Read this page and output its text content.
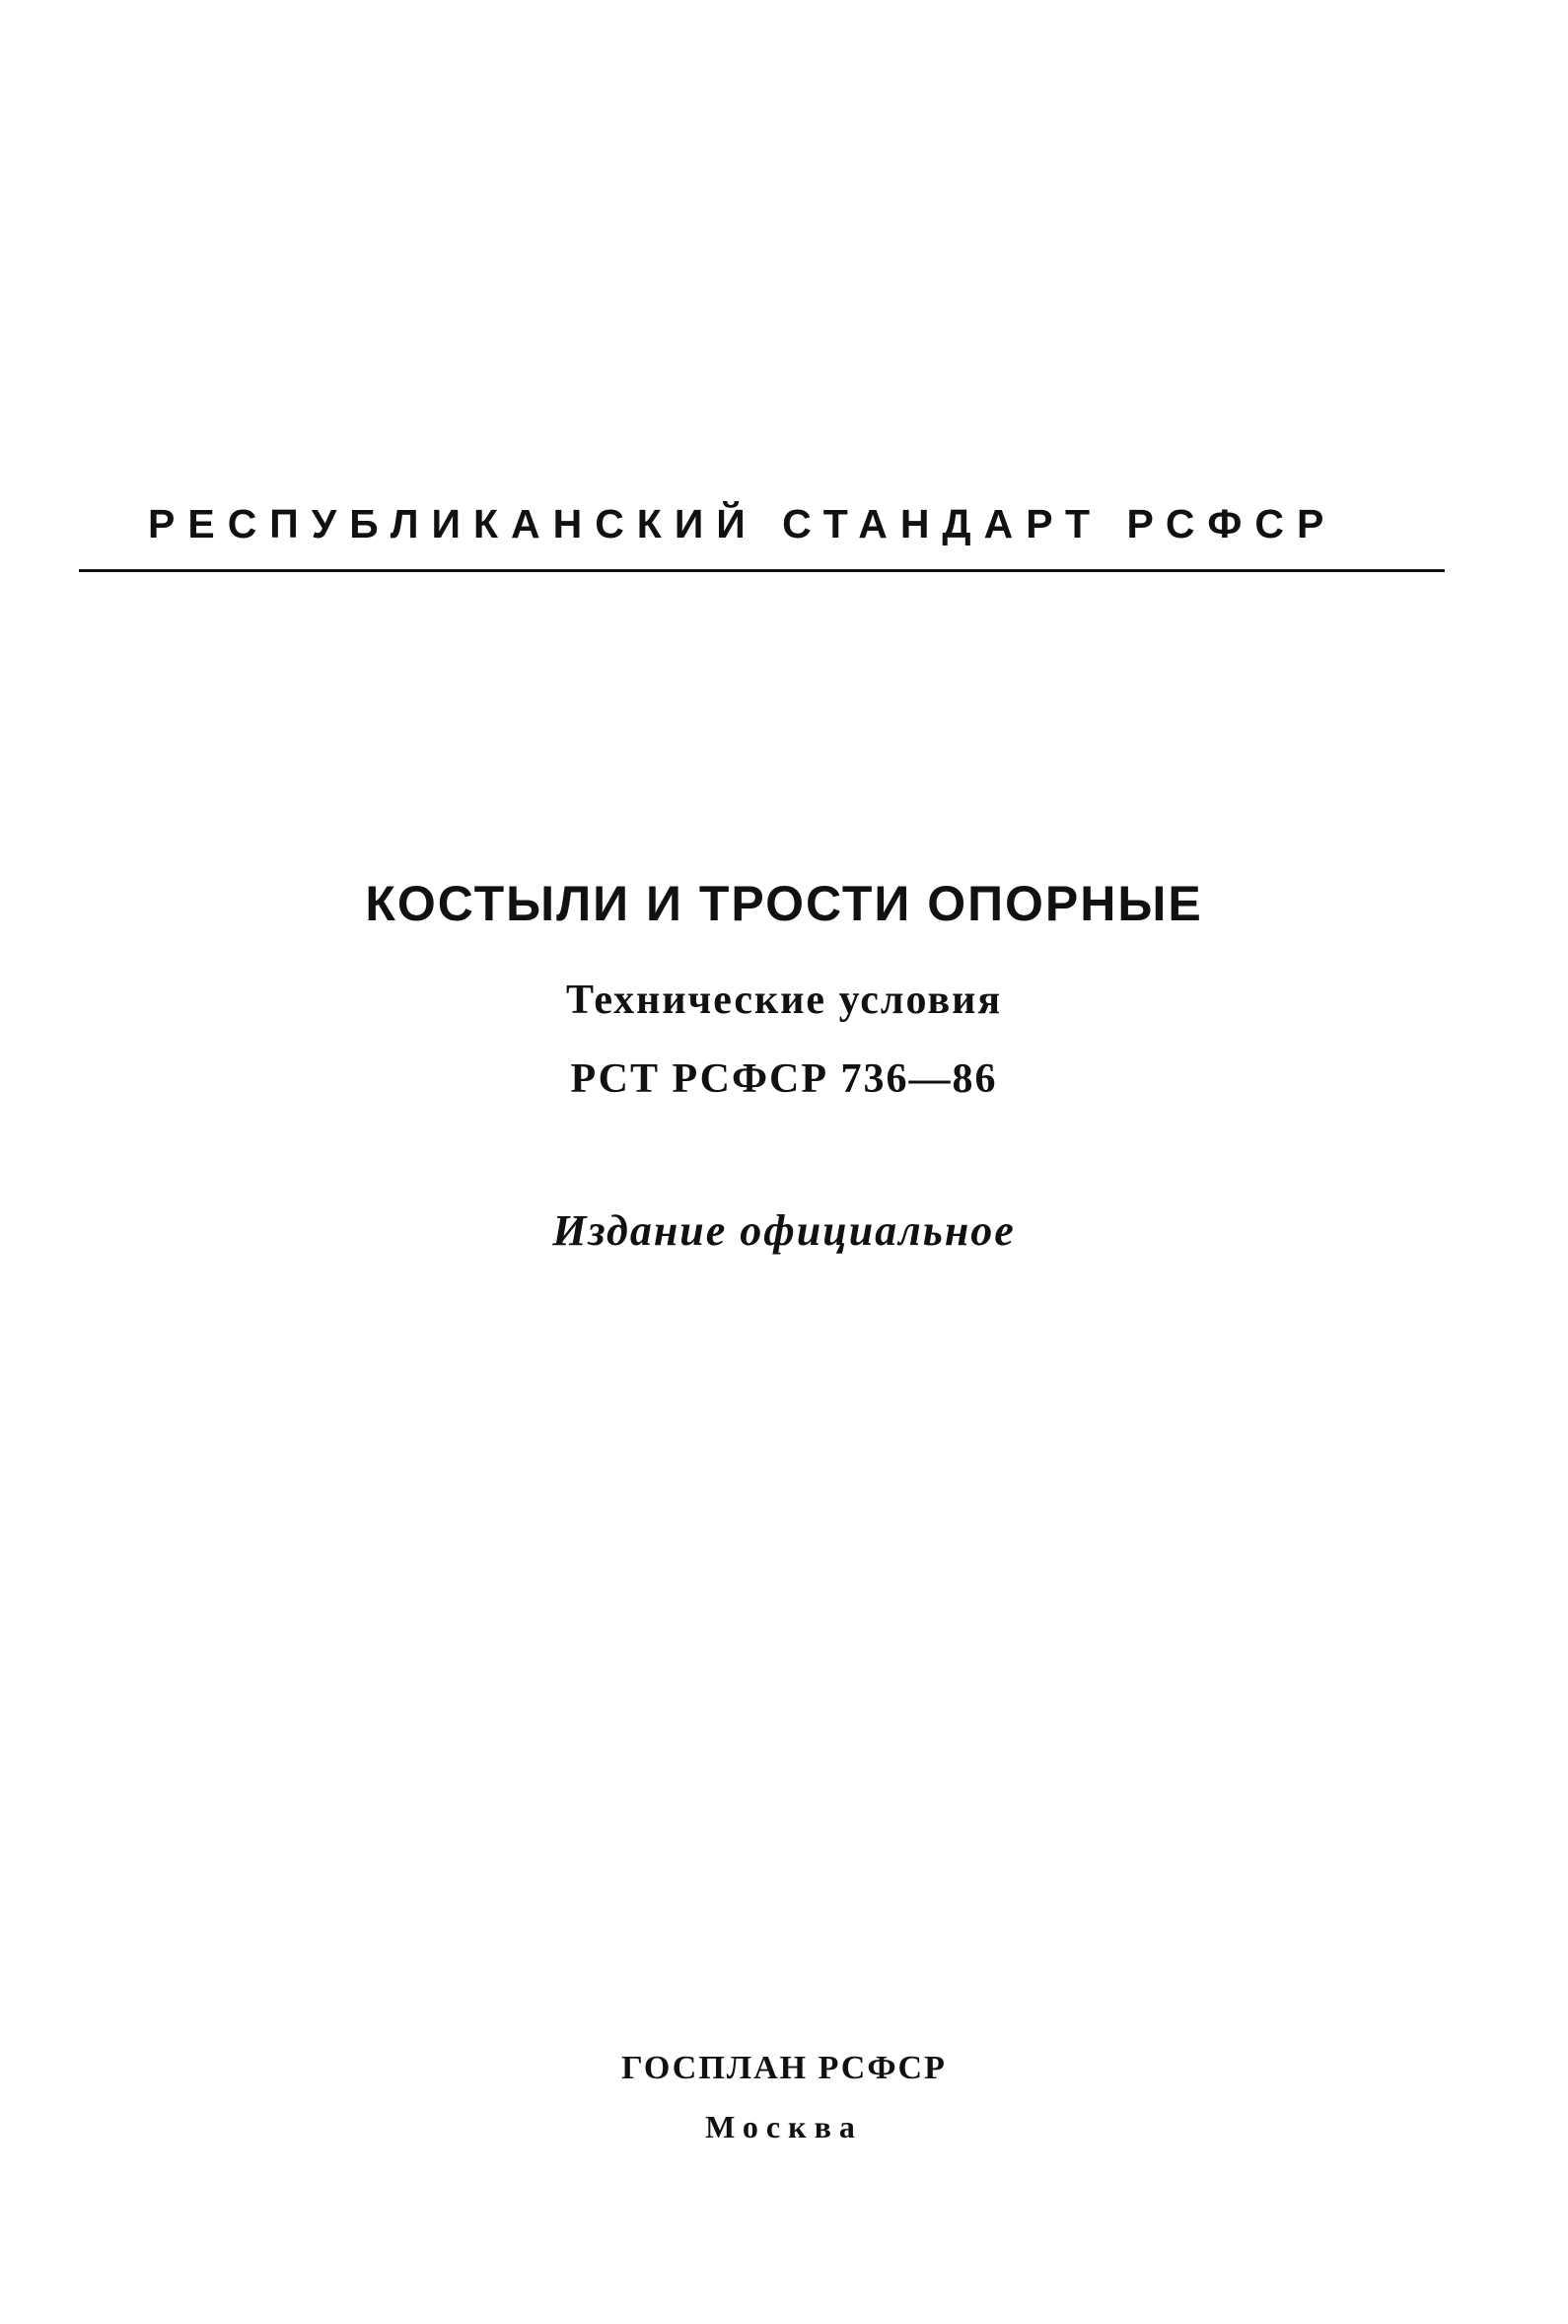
РЕСПУБЛИКАНСКИЙ СТАНДАРТ РСФСР
КОСТЫЛИ И ТРОСТИ ОПОРНЫЕ
Технические условия
РСТ РСФСР 736—86
Издание официальное
ГОСПЛАН РСФСР
Москва
